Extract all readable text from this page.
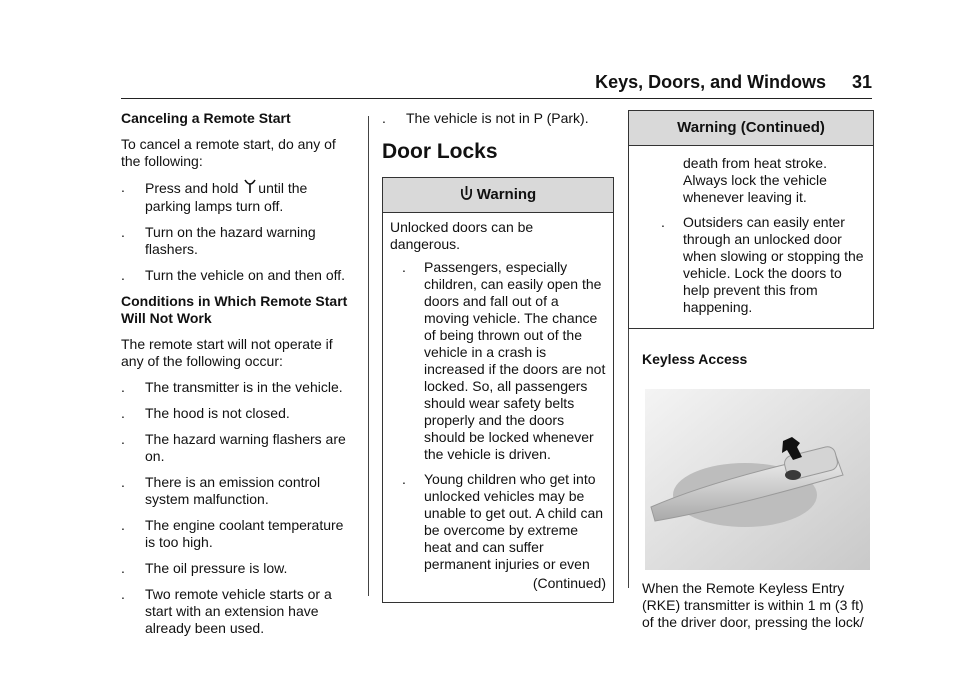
Keys, Doors, and Windows 31
Canceling a Remote Start

To cancel a remote start, do any of the following:

.	Press and hold until the parking lamps turn off.
.	Turn on the hazard warning flashers.
.	Turn the vehicle on and then off.
Conditions in Which Remote Start Will Not Work

The remote start will not operate if any of the following occur:

.	The transmitter is in the vehicle.
.	The hood is not closed.
.	The hazard warning flashers are on.
.	There is an emission control system malfunction.
.	The engine coolant temperature is too high.
.	The oil pressure is low.
.	Two remote vehicle starts or a start with an extension have already been used.
.	The vehicle is not in P (Park).
Door Locks
Warning

Unlocked doors can be dangerous.

.	Passengers, especially children, can easily open the doors and fall out of a moving vehicle. The chance of being thrown out of the vehicle in a crash is increased if the doors are not locked. So, all passengers should wear safety belts properly and the doors should be locked whenever the vehicle is driven.
.	Young children who get into unlocked vehicles may be unable to get out. A child can be overcome by extreme heat and can suffer permanent injuries or even

(Continued)

Warning (Continued)

death from heat stroke. Always lock the vehicle whenever leaving it.

.	Outsiders can easily enter through an unlocked door when slowing or stopping the vehicle. Lock the doors to help prevent this from happening.
Keyless Access

When the Remote Keyless Entry (RKE) transmitter is within 1 m (3 ft) of the driver door, pressing the lock/
